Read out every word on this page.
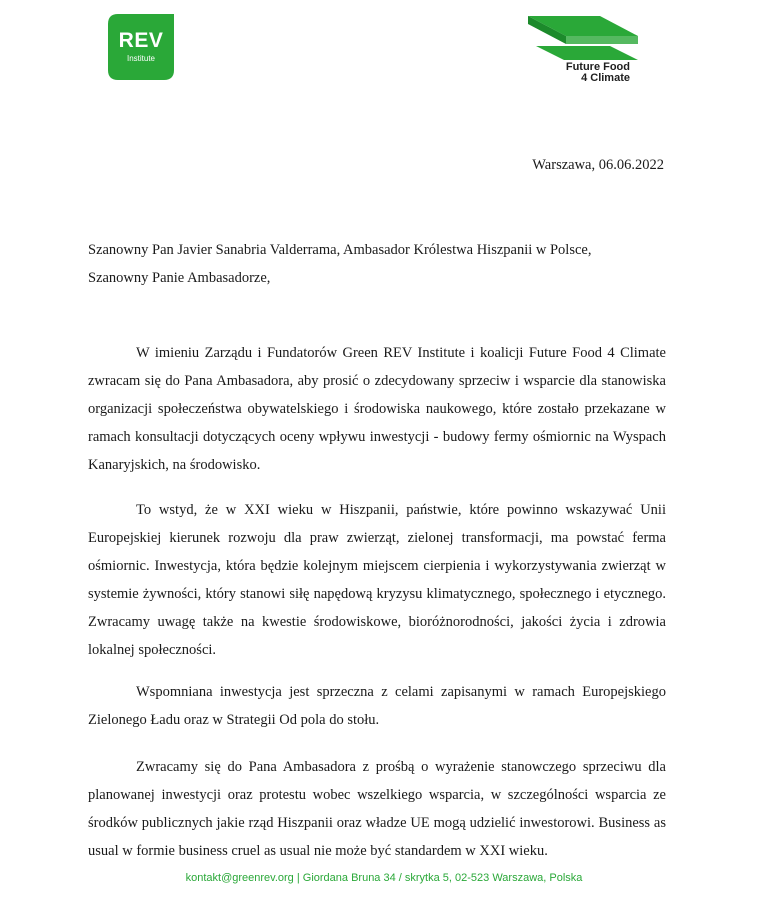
REV
Institute
Future Food
4 Climate
Warszawa, 06.06.2022
Szanowny Pan Javier Sanabria Valderrama, Ambasador Królestwa Hiszpanii w Polsce,
Szanowny Panie Ambasadorze,

W imieniu Zarządu i Fundatorów Green REV Institute i koalicji Future Food 4 Climate zwracam się do Pana Ambasadora, aby prosić o zdecydowany sprzeciw i wsparcie dla stanowiska organizacji społeczeństwa obywatelskiego i środowiska naukowego, które zostało przekazane w ramach konsultacji dotyczących oceny wpływu inwestycji - budowy fermy ośmiornic na Wyspach Kanaryjskich, na środowisko.

To wstyd, że w XXI wieku w Hiszpanii, państwie, które powinno wskazywać Unii Europejskiej kierunek rozwoju dla praw zwierząt, zielonej transformacji, ma powstać ferma ośmiornic. Inwestycja, która będzie kolejnym miejscem cierpienia i wykorzystywania zwierząt w systemie żywności, który stanowi siłę napędową kryzysu klimatycznego, społecznego i etycznego. Zwracamy uwagę także na kwestie środowiskowe, bioróżnorodności, jakości życia i zdrowia lokalnej społeczności.

Wspomniana inwestycja jest sprzeczna z celami zapisanymi w ramach Europejskiego Zielonego Ładu oraz w Strategii Od pola do stołu.

Zwracamy się do Pana Ambasadora z prośbą o wyrażenie stanowczego sprzeciwu dla planowanej inwestycji oraz protestu wobec wszelkiego wsparcia, w szczególności wsparcia ze środków publicznych jakie rząd Hiszpanii oraz władze UE mogą udzielić inwestorowi. Business as usual w formie business cruel as usual nie może być standardem w XXI wieku.

kontakt@greenrev.org | Giordana Bruna 34 / skrytka 5, 02-523 Warszawa, Polska
